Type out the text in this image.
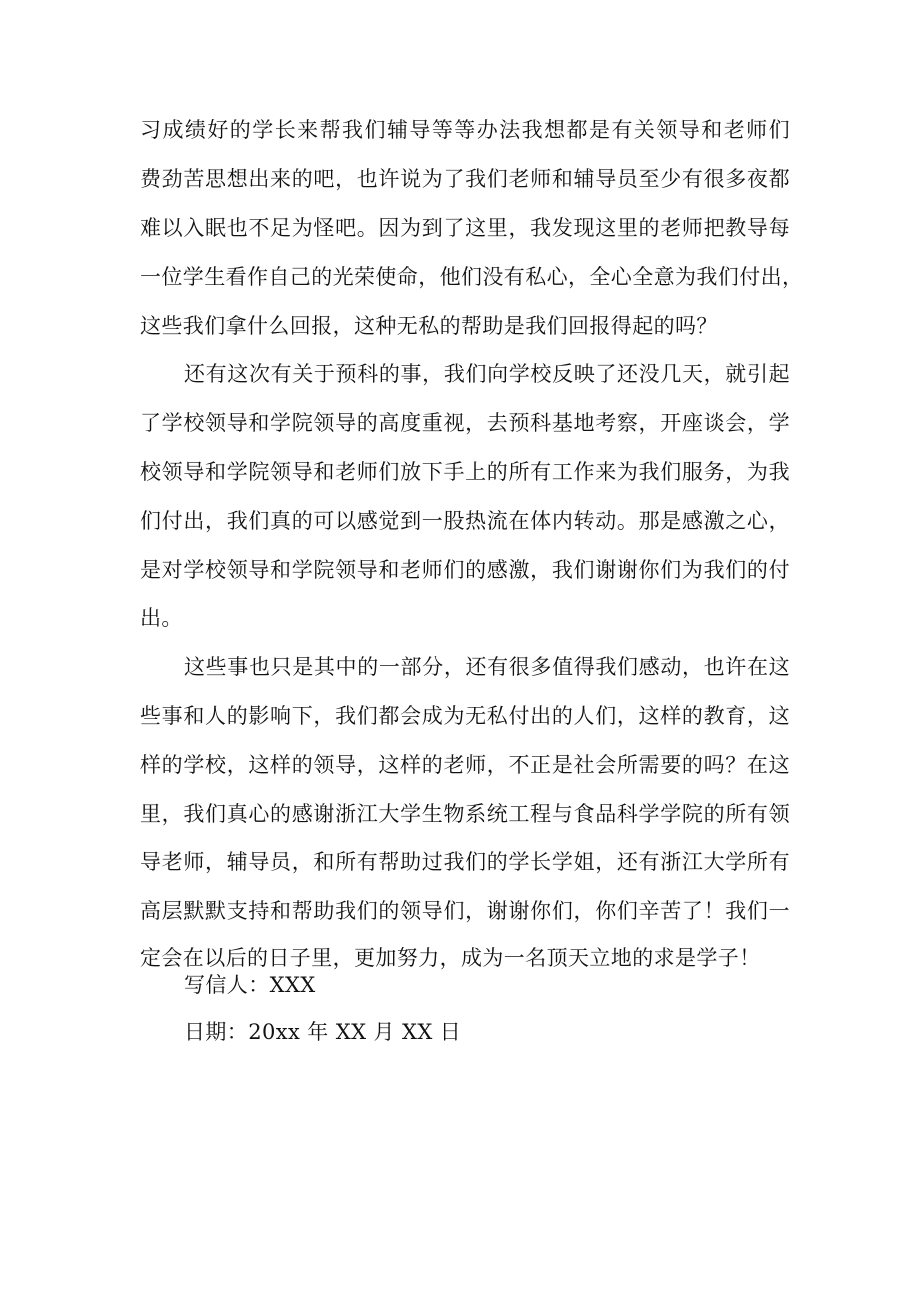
习成绩好的学长来帮我们辅导等等办法我想都是有关领导和老师们
费劲苦思想出来的吧，也许说为了我们老师和辅导员至少有很多夜都
难以入眠也不足为怪吧。因为到了这里，我发现这里的老师把教导每
一位学生看作自己的光荣使命，他们没有私心，全心全意为我们付出，
这些我们拿什么回报，这种无私的帮助是我们回报得起的吗？
还有这次有关于预科的事，我们向学校反映了还没几天，就引起
了学校领导和学院领导的高度重视，去预科基地考察，开座谈会，学
校领导和学院领导和老师们放下手上的所有工作来为我们服务，为我
们付出，我们真的可以感觉到一股热流在体内转动。那是感激之心，
是对学校领导和学院领导和老师们的感激，我们谢谢你们为我们的付
出。
这些事也只是其中的一部分，还有很多值得我们感动，也许在这
些事和人的影响下，我们都会成为无私付出的人们，这样的教育，这
样的学校，这样的领导，这样的老师，不正是社会所需要的吗？在这
里，我们真心的感谢浙江大学生物系统工程与食品科学学院的所有领
导老师，辅导员，和所有帮助过我们的学长学姐，还有浙江大学所有
高层默默支持和帮助我们的领导们，谢谢你们，你们辛苦了！我们一
定会在以后的日子里，更加努力，成为一名顶天立地的求是学子！
写信人：XXX
日期：20xx 年 XX 月 XX 日
